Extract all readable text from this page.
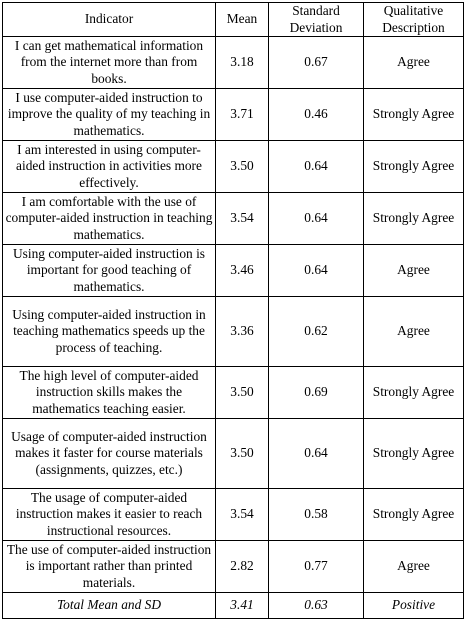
Indicator	Mean	Standard Deviation	Qualitative Description
I can get mathematical information from the internet more than from books.	3.18	0.67	Agree
I use computer-aided instruction to improve the quality of my teaching in mathematics.	3.71	0.46	Strongly Agree
I am interested in using computer-aided instruction in activities more effectively.	3.50	0.64	Strongly Agree
I am comfortable with the use of computer-aided instruction in teaching mathematics.	3.54	0.64	Strongly Agree
Using computer-aided instruction is important for good teaching of mathematics.	3.46	0.64	Agree
Using computer-aided instruction in teaching mathematics speeds up the process of teaching.	3.36	0.62	Agree
The high level of computer-aided instruction skills makes the mathematics teaching easier.	3.50	0.69	Strongly Agree
Usage of computer-aided instruction makes it faster for course materials (assignments, quizzes, etc.)	3.50	0.64	Strongly Agree
The usage of computer-aided instruction makes it easier to reach instructional resources.	3.54	0.58	Strongly Agree
The use of computer-aided instruction is important rather than printed materials.	2.82	0.77	Agree
Total Mean and SD	3.41	0.63	Positive
